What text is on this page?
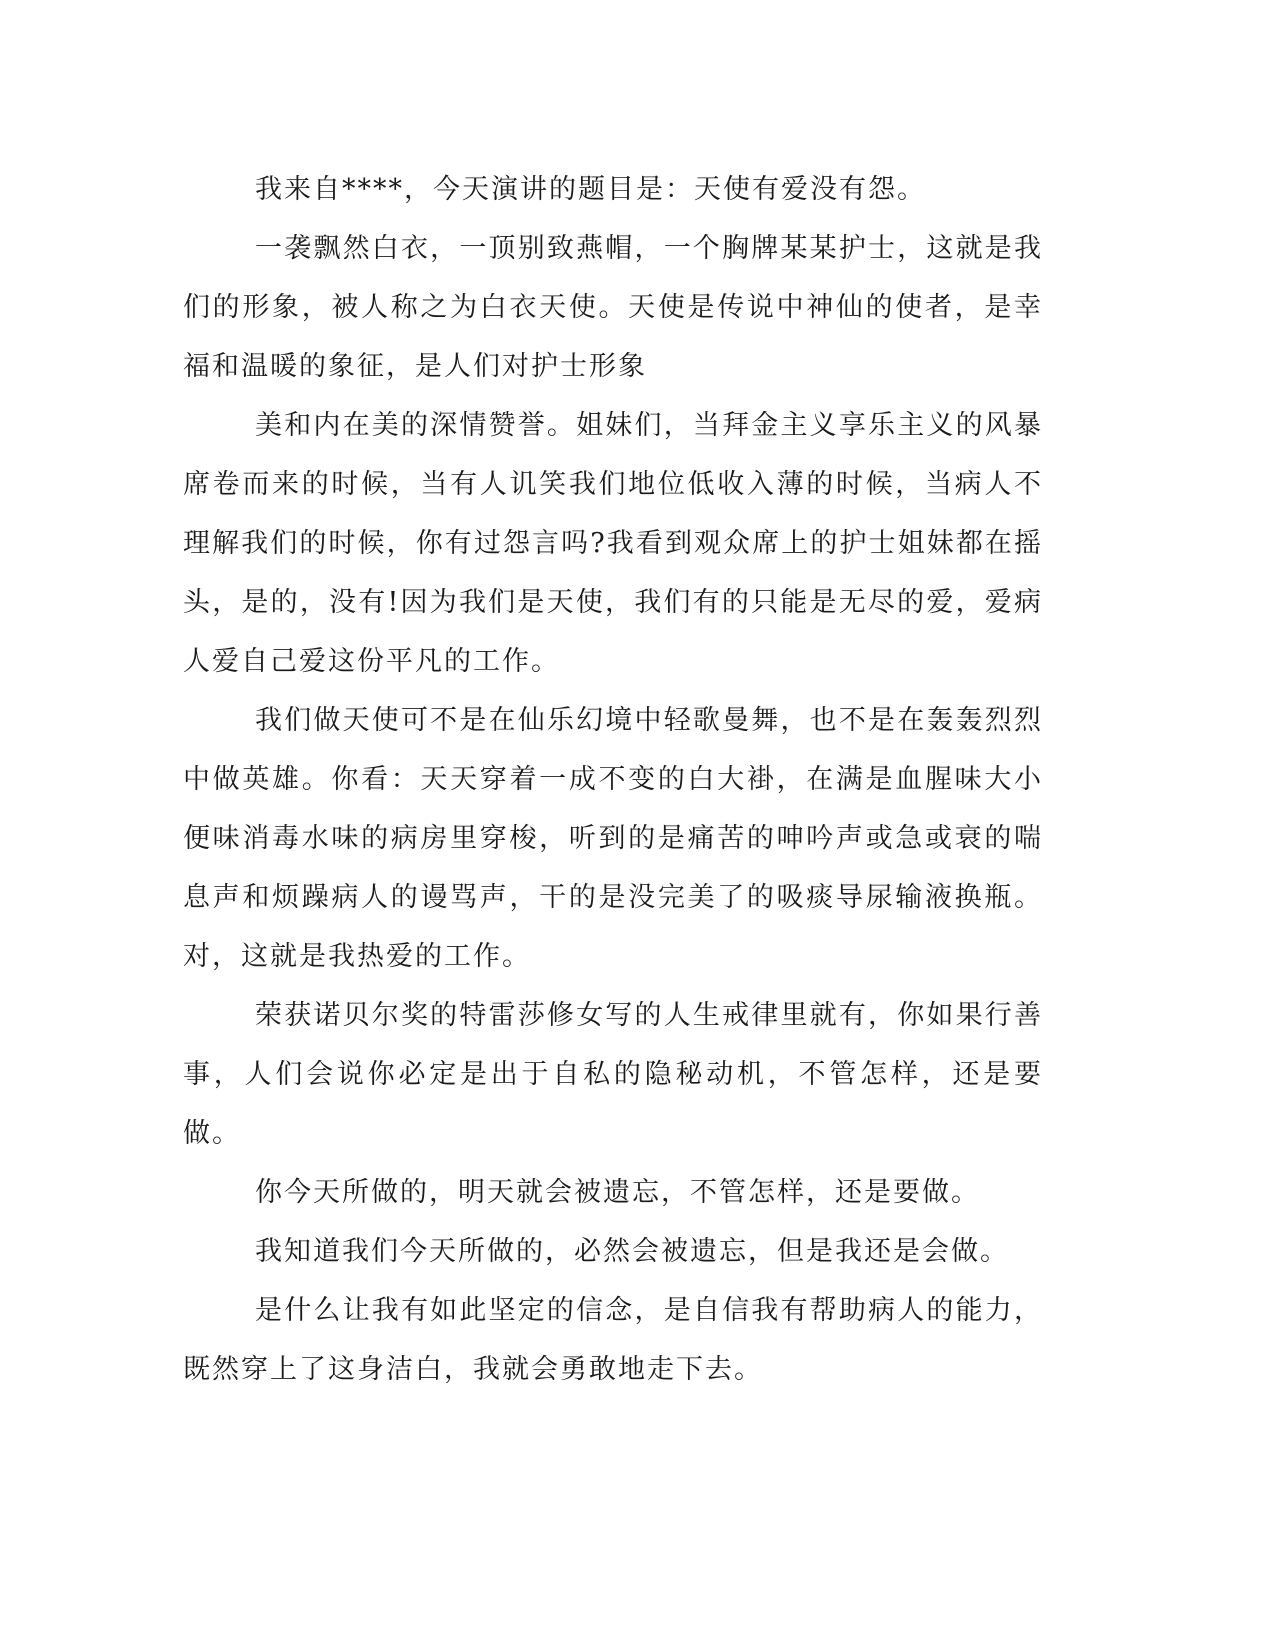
我来自****，今天演讲的题目是：天使有爱没有怨。

一袭飘然白衣，一顶别致燕帽，一个胸牌某某护士，这就是我们的形象，被人称之为白衣天使。天使是传说中神仙的使者，是幸福和温暖的象征，是人们对护士形象

美和内在美的深情赞誉。姐妹们，当拜金主义享乐主义的风暴席卷而来的时候，当有人讥笑我们地位低收入薄的时候，当病人不理解我们的时候，你有过怨言吗?我看到观众席上的护士姐妹都在摇头，是的，没有!因为我们是天使，我们有的只能是无尽的爱，爱病人爱自己爱这份平凡的工作。

我们做天使可不是在仙乐幻境中轻歌曼舞，也不是在轰轰烈烈中做英雄。你看：天天穿着一成不变的白大褂，在满是血腥味大小便味消毒水味的病房里穿梭，听到的是痛苦的呻吟声或急或衰的喘息声和烦躁病人的谩骂声，干的是没完美了的吸痰导尿输液换瓶。对，这就是我热爱的工作。

荣获诺贝尔奖的特雷莎修女写的人生戒律里就有，你如果行善事，人们会说你必定是出于自私的隐秘动机，不管怎样，还是要做。

你今天所做的，明天就会被遗忘，不管怎样，还是要做。

我知道我们今天所做的，必然会被遗忘，但是我还是会做。

是什么让我有如此坚定的信念，是自信我有帮助病人的能力，既然穿上了这身洁白，我就会勇敢地走下去。
